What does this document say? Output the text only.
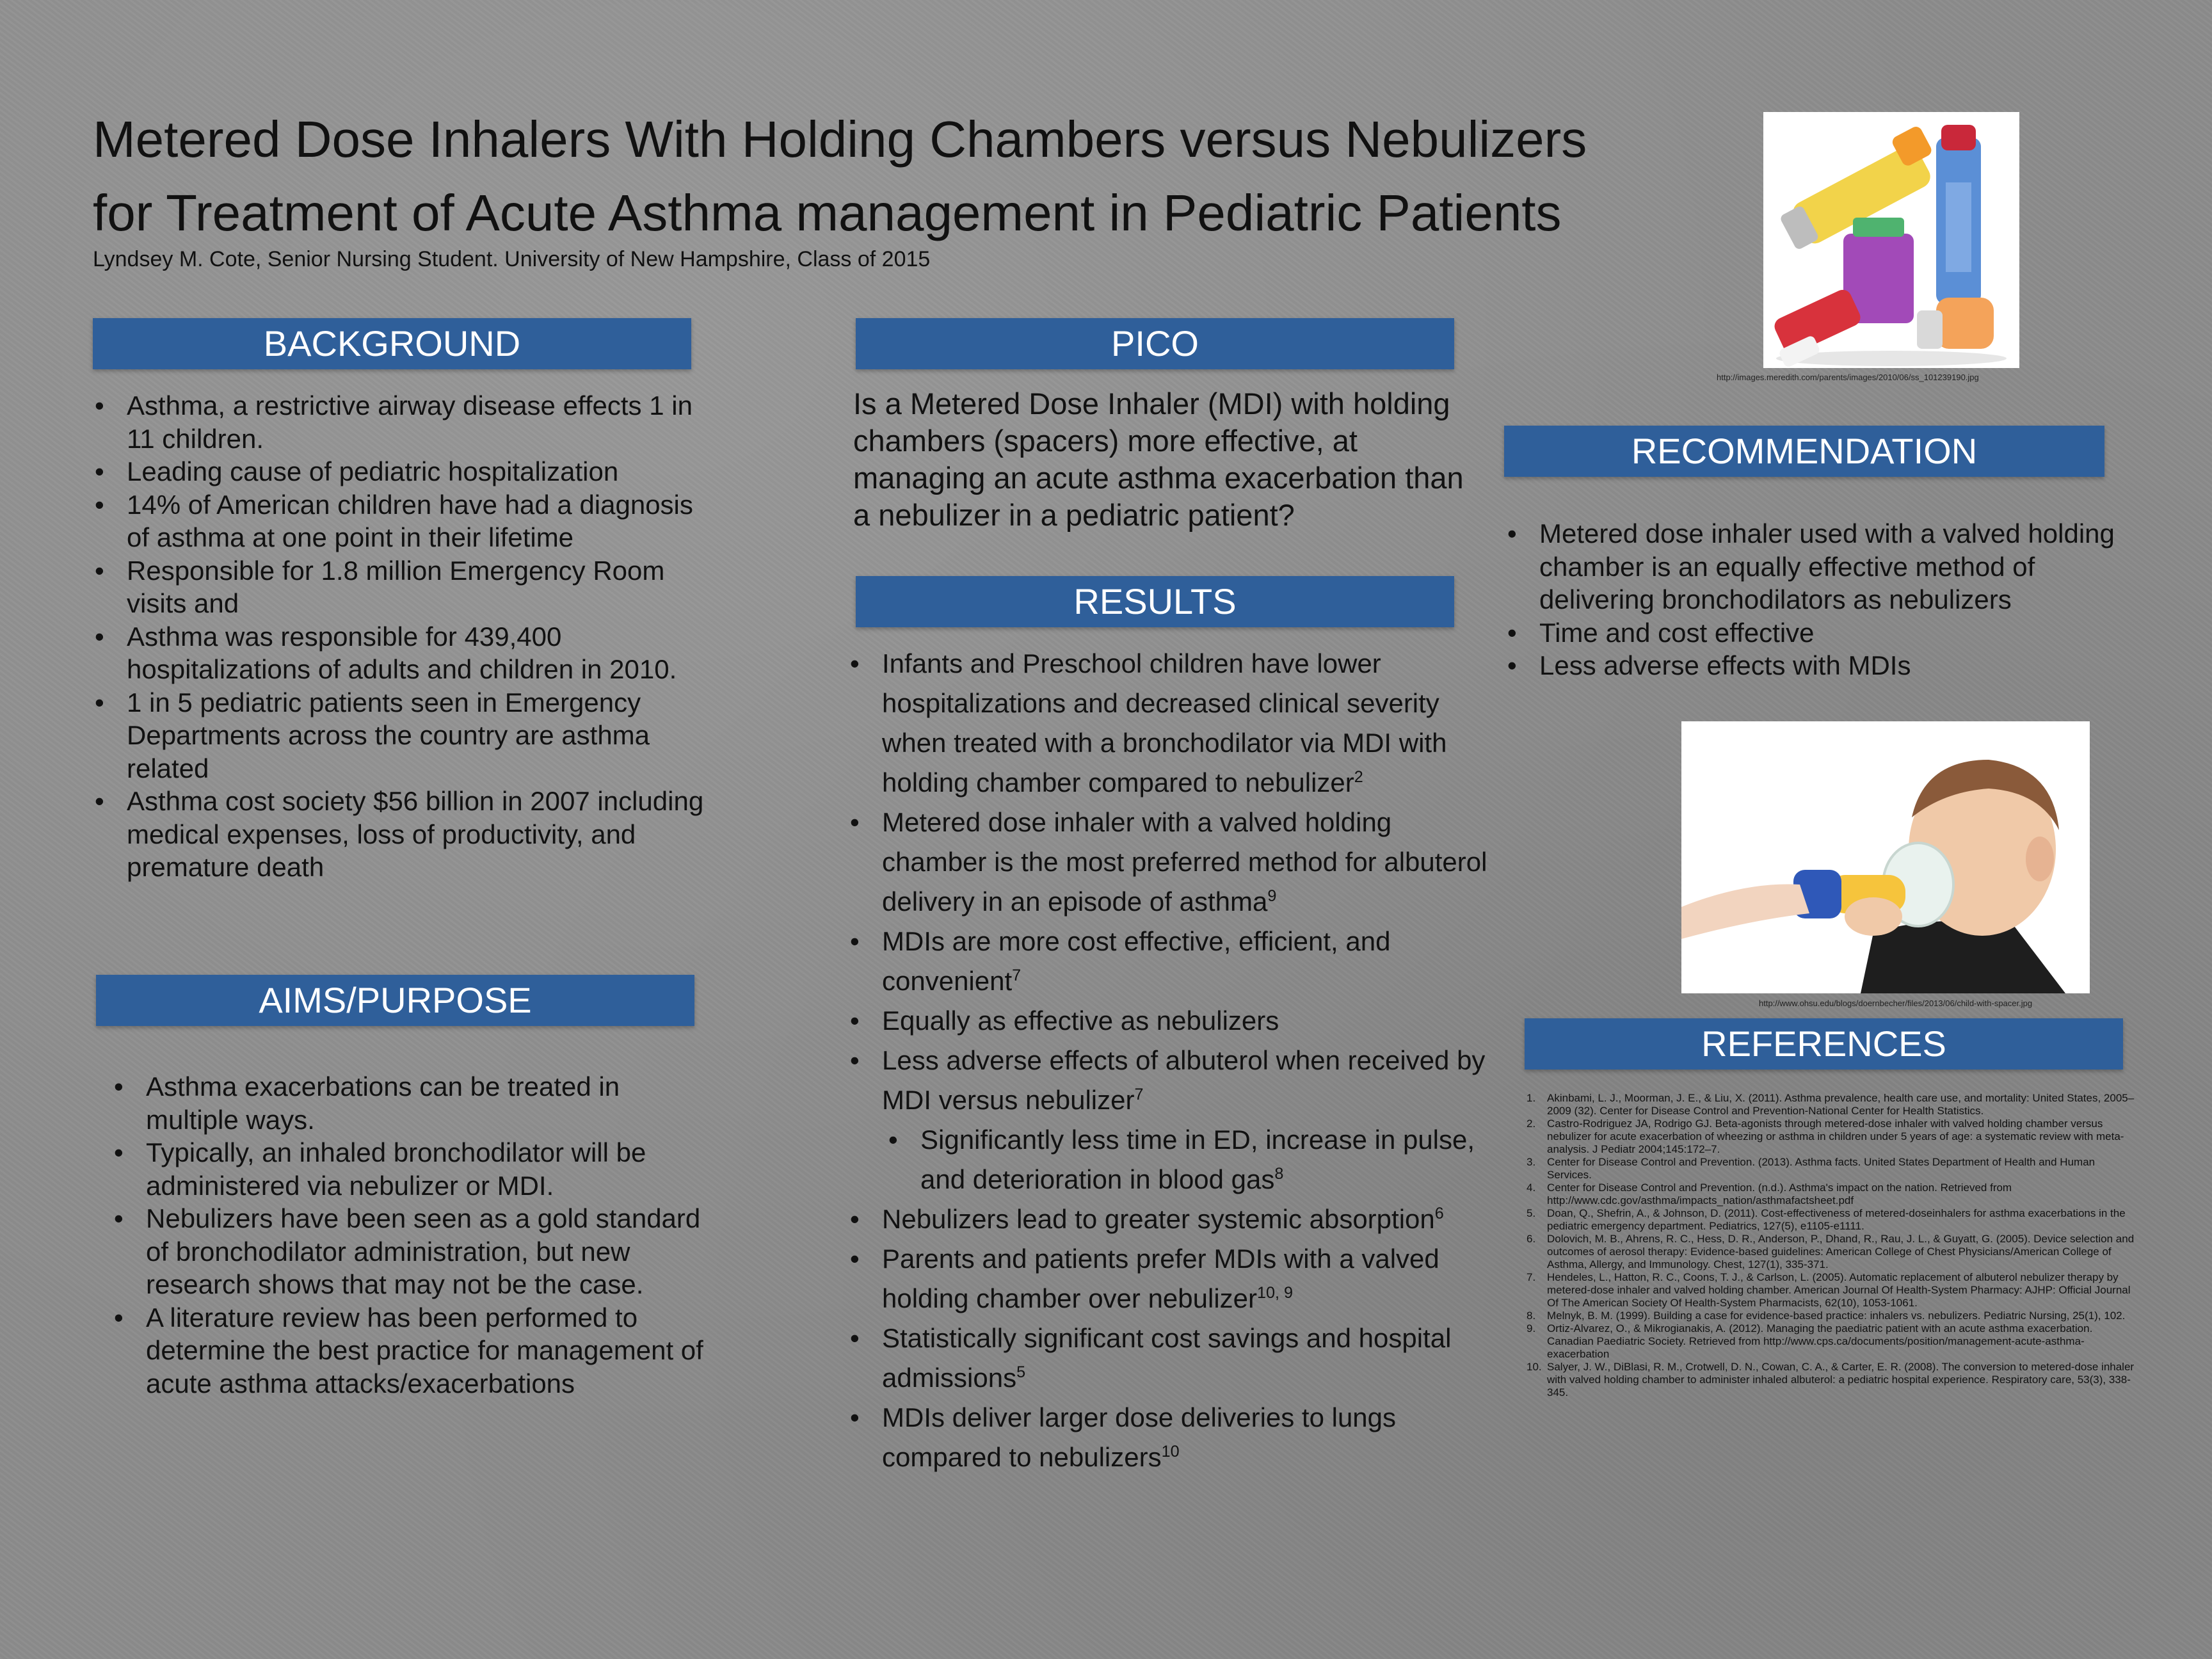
Metered Dose Inhalers With Holding Chambers versus Nebulizers
for Treatment of Acute Asthma management in Pediatric Patients
Lyndsey M. Cote, Senior Nursing Student. University of New Hampshire, Class of 2015
http://images.meredith.com/parents/images/2010/06/ss_101239190.jpg
BACKGROUND
• Asthma, a restrictive airway disease effects 1 in 11 children.
• Leading cause of pediatric hospitalization
• 14% of American children have had a diagnosis of asthma at one point in their lifetime
• Responsible for 1.8 million Emergency Room visits and
• Asthma was responsible for 439,400 hospitalizations of adults and children in 2010.
• 1 in 5 pediatric patients seen in Emergency Departments across the country are asthma related
• Asthma cost society $56 billion in 2007 including medical expenses, loss of productivity, and premature death
AIMS/PURPOSE
• Asthma exacerbations can be treated in multiple ways.
• Typically, an inhaled bronchodilator will be administered via nebulizer or MDI.
• Nebulizers have been seen as a gold standard of bronchodilator administration, but new research shows that may not be the case.
• A literature review has been performed to determine the best practice for management of acute asthma attacks/exacerbations
PICO

Is a Metered Dose Inhaler (MDI) with holding chambers (spacers) more effective, at managing an acute asthma exacerbation than a nebulizer in a pediatric patient?

RESULTS
• Infants and Preschool children have lower hospitalizations and decreased clinical severity when treated with a bronchodilator via MDI with holding chamber compared to nebulizer$^2$
• Metered dose inhaler with a valved holding chamber is the most preferred method for albuterol delivery in an episode of asthma$^9$
• MDIs are more cost effective, efficient, and convenient$^7$
• Equally as effective as nebulizers
• Less adverse effects of albuterol when received by MDI versus nebulizer$^7$
• Significantly less time in ED, increase in pulse, and deterioration in blood gas$^8$
• Nebulizers lead to greater systemic absorption$^6$
• Parents and patients prefer MDIs with a valved holding chamber over nebulizer$^{10, 9}$
• Statistically significant cost savings and hospital admissions$^5$
• MDIs deliver larger dose deliveries to lungs compared to nebulizers$^{10}$
RECOMMENDATION
• Metered dose inhaler used with a valved holding chamber is an equally effective method of delivering bronchodilators as nebulizers
• Time and cost effective
• Less adverse effects with MDIs
http://www.ohsu.edu/blogs/doernbecher/files/2013/06/child-with-spacer.jpg
REFERENCES
1. Akinbami, L. J., Moorman, J. E., & Liu, X. (2011). Asthma prevalence, health care use, and mortality: United States, 2005–2009 (32). Center for Disease Control and Prevention-National Center for Health Statistics.
2. Castro-Rodriguez JA, Rodrigo GJ. Beta-agonists through metered-dose inhaler with valved holding chamber versus nebulizer for acute exacerbation of wheezing or asthma in children under 5 years of age: a systematic review with meta-analysis. J Pediatr 2004;145:172–7.
3. Center for Disease Control and Prevention. (2013). Asthma facts. United States Department of Health and Human Services.
4. Center for Disease Control and Prevention. (n.d.). Asthma's impact on the nation. Retrieved from http://www.cdc.gov/asthma/impacts_nation/asthmafactsheet.pdf
5. Doan, Q., Shefrin, A., & Johnson, D. (2011). Cost-effectiveness of metered-doseinhalers for asthma exacerbations in the pediatric emergency department. Pediatrics, 127(5), e1105-e1111.
6. Dolovich, M. B., Ahrens, R. C., Hess, D. R., Anderson, P., Dhand, R., Rau, J. L., & Guyatt, G. (2005). Device selection and outcomes of aerosol therapy: Evidence-based guidelines: American College of Chest Physicians/American College of Asthma, Allergy, and Immunology. Chest, 127(1), 335-371.
7. Hendeles, L., Hatton, R. C., Coons, T. J., & Carlson, L. (2005). Automatic replacement of albuterol nebulizer therapy by metered-dose inhaler and valved holding chamber. American Journal Of Health-System Pharmacy: AJHP: Official Journal Of The American Society Of Health-System Pharmacists, 62(10), 1053-1061.
8. Melnyk, B. M. (1999). Building a case for evidence-based practice: inhalers vs. nebulizers. Pediatric Nursing, 25(1), 102.
9. Ortiz-Alvarez, O., & Mikrogianakis, A. (2012). Managing the paediatric patient with an acute asthma exacerbation. Canadian Paediatric Society. Retrieved from http://www.cps.ca/documents/position/management-acute-asthma-exacerbation
10. Salyer, J. W., DiBlasi, R. M., Crotwell, D. N., Cowan, C. A., & Carter, E. R. (2008). The conversion to metered-dose inhaler with valved holding chamber to administer inhaled albuterol: a pediatric hospital experience. Respiratory care, 53(3), 338-345.
